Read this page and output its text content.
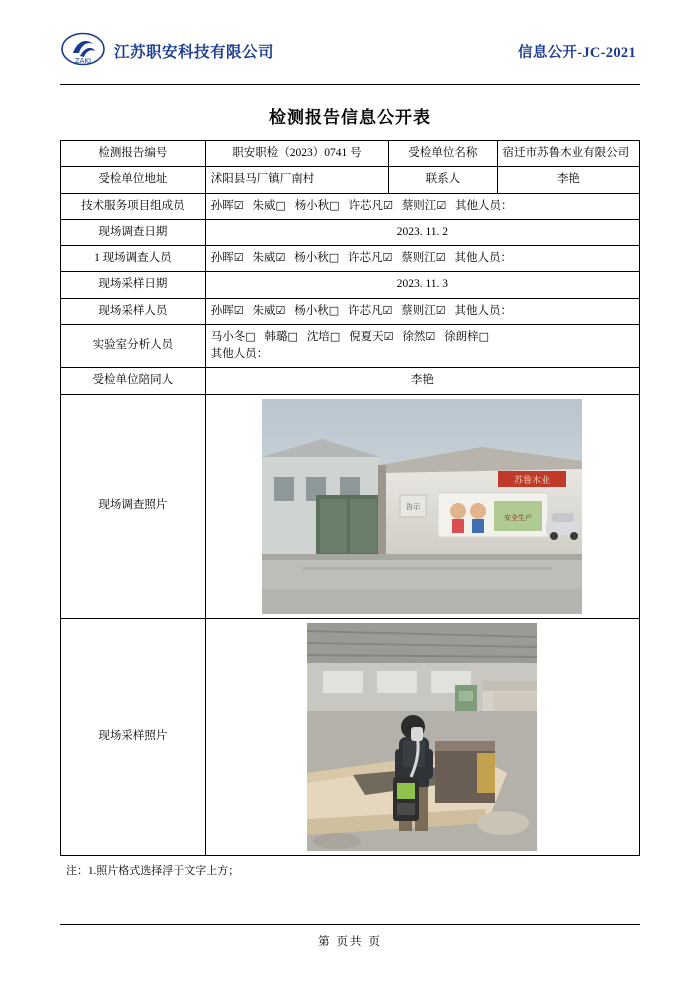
ZAKJ 江苏职安科技有限公司	信息公开-JC-2021
检测报告信息公开表
检测报告编号	职安职检（2023）0741 号	受检单位名称	宿迁市苏鲁木业有限公司
受检单位地址	沭阳县马厂镇厂南村	联系人	李艳
技术服务项目组成员	孙晖☑ 朱威□ 杨小秋□ 许芯凡☑ 蔡则江☑ 其他人员：		
现场调查日期	2023. 11. 2		
1 现场调查人员	孙晖☑ 朱威☑ 杨小秋□ 许芯凡☑ 蔡则江☑ 其他人员：		
现场采样日期	2023. 11. 3		
现场采样人员	孙晖☑ 朱威☑ 杨小秋□ 许芯凡☑ 蔡则江☑ 其他人员：		
实验室分析人员	马小冬□ 韩璐□ 沈培□ 倪夏天☑ 徐然☑ 徐朗梓□
其他人员：		

受检单位陪同人	李艳		
现场调查照片	苏鲁木业
安全生产
告示		

现场采样照片	
注：1.照片格式选择浮于文字上方；
第 页共 页
